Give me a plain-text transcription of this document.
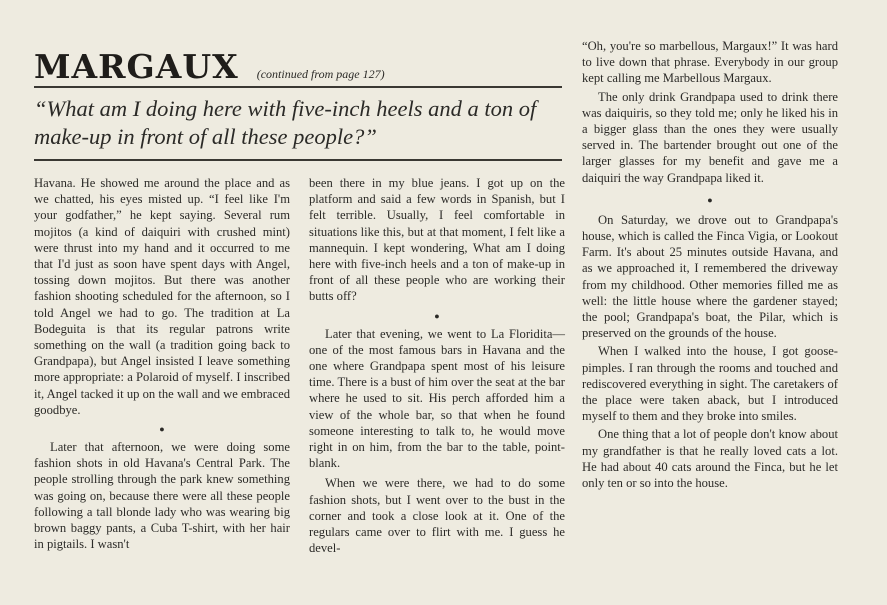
MARGAUX (continued from page 127)
“What am I doing here with five-inch heels and a ton of make-up in front of all these people?”

Havana. He showed me around the place and as we chatted, his eyes misted up. “I feel like I'm your godfather,” he kept saying. Several rum mojitos (a kind of daiquiri with crushed mint) were thrust into my hand and it occurred to me that I'd just as soon have spent days with Angel, tossing down mojitos. But there was another fashion shooting scheduled for the afternoon, so I told Angel we had to go. The tradition at La Bodeguita is that its regular patrons write something on the wall (a tradition going back to Grandpapa), but Angel insisted I leave something more appropriate: a Polaroid of myself. I inscribed it, Angel tacked it up on the wall and we embraced goodbye.

●

Later that afternoon, we were doing some fashion shots in old Havana's Central Park. The people strolling through the park knew something was going on, because there were all these people following a tall blonde lady who was wearing big brown baggy pants, a Cuba T-shirt, with her hair in pigtails. I wasn't

been there in my blue jeans. I got up on the platform and said a few words in Spanish, but I felt terrible. Usually, I feel comfortable in situations like this, but at that moment, I felt like a mannequin. I kept wondering, What am I doing here with five-inch heels and a ton of make-up in front of all these people who are working their butts off?

●

Later that evening, we went to La Floridita—one of the most famous bars in Havana and the one where Grandpapa spent most of his leisure time. There is a bust of him over the seat at the bar where he used to sit. His perch afforded him a view of the whole bar, so that when he found someone interesting to talk to, he would move right in on him, from the bar to the table, point-blank.

When we were there, we had to do some fashion shots, but I went over to the bust in the corner and took a close look at it. One of the regulars came over to flirt with me. I guess he devel-

“Oh, you're so marbellous, Margaux!” It was hard to live down that phrase. Everybody in our group kept calling me Marbellous Margaux.

The only drink Grandpapa used to drink there was daiquiris, so they told me; only he liked his in a bigger glass than the ones they were usually served in. The bartender brought out one of the larger glasses for my benefit and gave me a daiquiri the way Grandpapa liked it.

●

On Saturday, we drove out to Grandpapa's house, which is called the Finca Vigia, or Lookout Farm. It's about 25 minutes outside Havana, and as we approached it, I remembered the driveway from my childhood. Other memories filled me as well: the little house where the gardener stayed; the pool; Grandpapa's boat, the Pilar, which is preserved on the grounds of the house.

When I walked into the house, I got goose-pimples. I ran through the rooms and touched and rediscovered everything in sight. The caretakers of the place were taken aback, but I introduced myself to them and they broke into smiles.

One thing that a lot of people don't know about my grandfather is that he really loved cats a lot. He had about 40 cats around the Finca, but he let only ten or so into the house.
